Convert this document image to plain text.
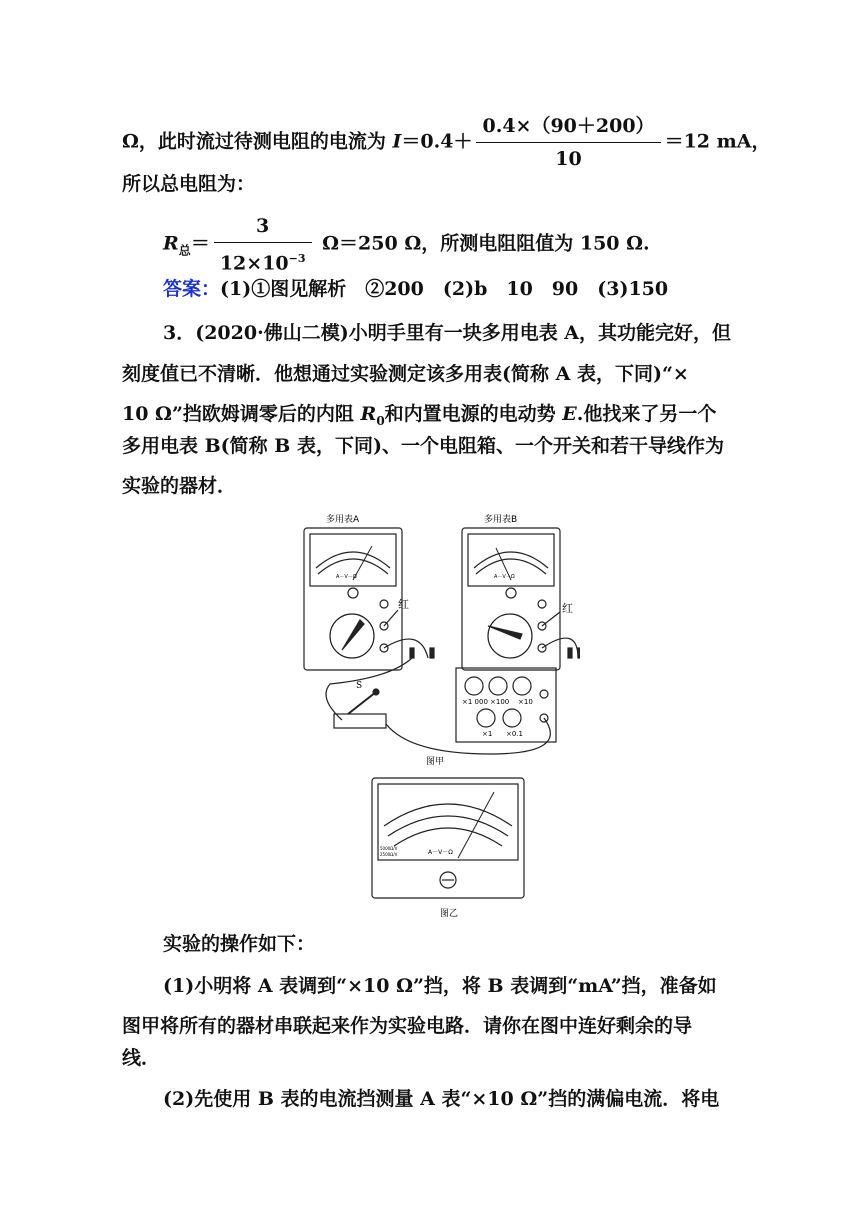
Ω，此时流过待测电阻的电流为 $I=0.4+ \frac{0.4\times(90+200)}{10} =12$ mA，
所以总电阻为：
$R_总= \frac{3}{12\times 10^{-3}} \Omega=250$ Ω，所测电阻阻值为 150 Ω.
答案：(1)①图见解析　②200　(2)b　10　90　(3)150
3．(2020·佛山二模)小明手里有一块多用电表 A，其功能完好，但
刻度值已不清晰．他想通过实验测定该多用表(简称 A 表，下同)“×
10 Ω”挡欧姆调零后的内阻 $R_0$和内置电源的电动势 E.他找来了另一个
多用电表 B(简称 B 表，下同)、一个电阻箱、一个开关和若干导线作为
实验的器材．
多用表A	多用表B
红	红
A－V－Ω	A－V－Ω
S
×1 000 ×100 ×10
×1 ×0.1
图甲
A－V－Ω
5000Ω/V
2500Ω/V
图乙
实验的操作如下：
(1)小明将 A 表调到“×10 Ω”挡，将 B 表调到“mA”挡，准备如
图甲将所有的器材串联起来作为实验电路．请你在图中连好剩余的导
线．
(2)先使用 B 表的电流挡测量 A 表“×10 Ω”挡的满偏电流．将电
